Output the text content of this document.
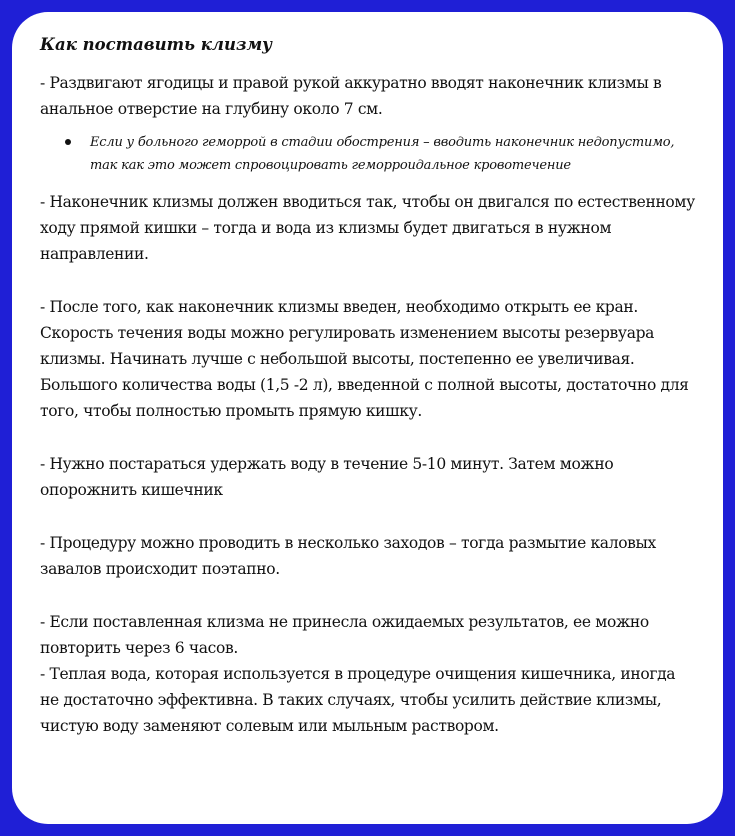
Как поставить клизму

- Раздвигают ягодицы и правой рукой аккуратно вводят наконечник клизмы в анальное отверстие на глубину около 7 см.

Если у больного геморрой в стадии обострения – вводить наконечник недопустимо, так как это может спровоцировать геморроидальное кровотечение

- Наконечник клизмы должен вводиться так, чтобы он двигался по естественному ходу прямой кишки – тогда и вода из клизмы будет двигаться в нужном направлении.

- После того, как наконечник клизмы введен, необходимо открыть ее кран. Скорость течения воды можно регулировать изменением высоты резервуара клизмы. Начинать лучше с небольшой высоты, постепенно ее увеличивая. Большого количества воды (1,5 -2 л), введенной с полной высоты, достаточно для того, чтобы полностью промыть прямую кишку.

- Нужно постараться удержать воду в течение 5-10 минут. Затем можно опорожнить кишечник

- Процедуру можно проводить в несколько заходов – тогда размытие каловых завалов происходит поэтапно.

- Если поставленная клизма не принесла ожидаемых результатов, ее можно повторить через 6 часов.

- Теплая вода, которая используется в процедуре очищения кишечника, иногда не достаточно эффективна. В таких случаях, чтобы усилить действие клизмы, чистую воду заменяют солевым или мыльным раствором.
